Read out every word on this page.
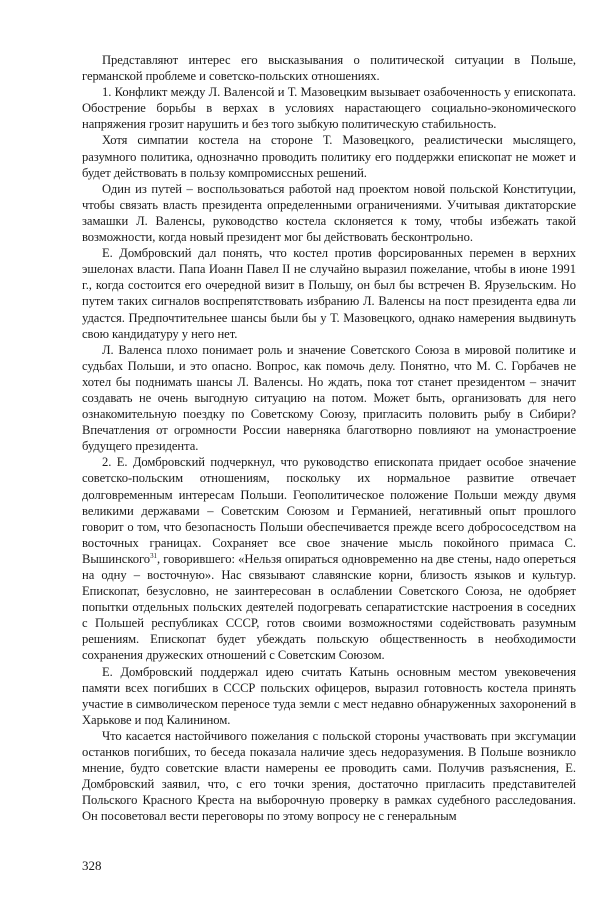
Представляют интерес его высказывания о политической ситуации в Польше, германской проблеме и советско-польских отношениях.

1. Конфликт между Л. Валенсой и Т. Мазовецким вызывает озабоченность у епископата. Обострение борьбы в верхах в условиях нарастающего социально-экономического напряжения грозит нарушить и без того зыбкую политическую стабильность.

Хотя симпатии костела на стороне Т. Мазовецкого, реалистически мыслящего, разумного политика, однозначно проводить политику его поддержки епископат не может и будет действовать в пользу компромиссных решений.

Один из путей – воспользоваться работой над проектом новой польской Конституции, чтобы связать власть президента определенными ограничениями. Учитывая диктаторские замашки Л. Валенсы, руководство костела склоняется к тому, чтобы избежать такой возможности, когда новый президент мог бы действовать бесконтрольно.

Е. Домбровский дал понять, что костел против форсированных перемен в верхних эшелонах власти. Папа Иоанн Павел II не случайно выразил пожелание, чтобы в июне 1991 г., когда состоится его очередной визит в Польшу, он был бы встречен В. Ярузельским. Но путем таких сигналов воспрепятствовать избранию Л. Валенсы на пост президента едва ли удастся. Предпочтительнее шансы были бы у Т. Мазовецкого, однако намерения выдвинуть свою кандидатуру у него нет.

Л. Валенса плохо понимает роль и значение Советского Союза в мировой политике и судьбах Польши, и это опасно. Вопрос, как помочь делу. Понятно, что М. С. Горбачев не хотел бы поднимать шансы Л. Валенсы. Но ждать, пока тот станет президентом – значит создавать не очень выгодную ситуацию на потом. Может быть, организовать для него ознакомительную поездку по Советскому Союзу, пригласить половить рыбу в Сибири? Впечатления от огромности России наверняка благотворно повлияют на умонастроение будущего президента.

2. Е. Домбровский подчеркнул, что руководство епископата придает особое значение советско-польским отношениям, поскольку их нормальное развитие отвечает долговременным интересам Польши. Геополитическое положение Польши между двумя великими державами – Советским Союзом и Германией, негативный опыт прошлого говорит о том, что безопасность Польши обеспечивается прежде всего добрососедством на восточных границах. Сохраняет все свое значение мысль покойного примаса С. Вышинского$^{31}$, говорившего: «Нельзя опираться одновременно на две стены, надо опереться на одну – восточную». Нас связывают славянские корни, близость языков и культур. Епископат, безусловно, не заинтересован в ослаблении Советского Союза, не одобряет попытки отдельных польских деятелей подогревать сепаратистские настроения в соседних с Польшей республиках СССР, готов своими возможностями содействовать разумным решениям. Епископат будет убеждать польскую общественность в необходимости сохранения дружеских отношений с Советским Союзом.

Е. Домбровский поддержал идею считать Катынь основным местом увековечения памяти всех погибших в СССР польских офицеров, выразил готовность костела принять участие в символическом переносе туда земли с мест недавно обнаруженных захоронений в Харькове и под Калинином.

Что касается настойчивого пожелания с польской стороны участвовать при эксгумации останков погибших, то беседа показала наличие здесь недоразумения. В Польше возникло мнение, будто советские власти намерены ее проводить сами. Получив разъяснения, Е. Домбровский заявил, что, с его точки зрения, достаточно пригласить представителей Польского Красного Креста на выборочную проверку в рамках судебного расследования. Он посоветовал вести переговоры по этому вопросу не с генеральным

328
